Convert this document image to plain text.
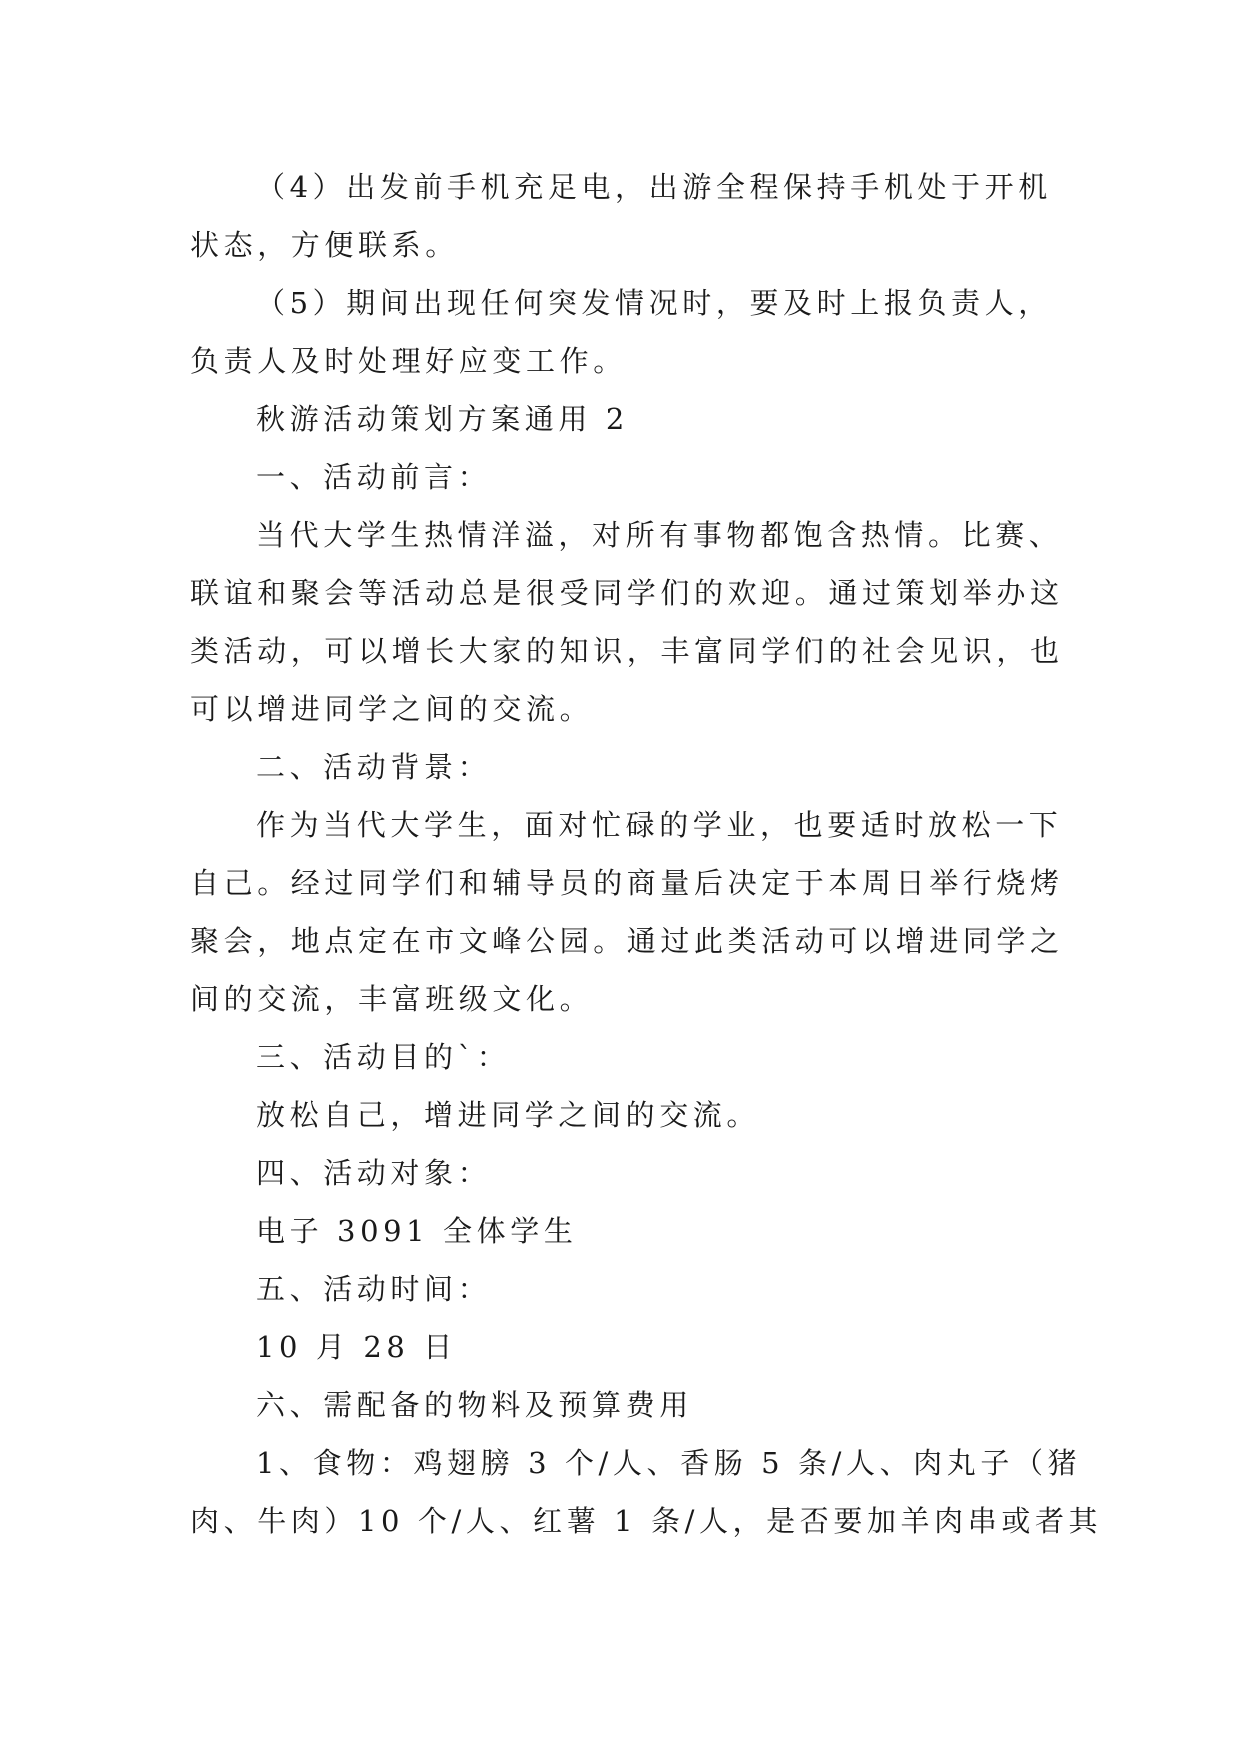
（4）出发前手机充足电，出游全程保持手机处于开机
状态，方便联系。
（5）期间出现任何突发情况时，要及时上报负责人，
负责人及时处理好应变工作。
秋游活动策划方案通用 2
一、活动前言：
当代大学生热情洋溢，对所有事物都饱含热情。比赛、
联谊和聚会等活动总是很受同学们的欢迎。通过策划举办这
类活动，可以增长大家的知识，丰富同学们的社会见识，也
可以增进同学之间的交流。
二、活动背景：
作为当代大学生，面对忙碌的学业，也要适时放松一下
自己。经过同学们和辅导员的商量后决定于本周日举行烧烤
聚会，地点定在市文峰公园。通过此类活动可以增进同学之
间的交流，丰富班级文化。
三、活动目的`：
放松自己，增进同学之间的交流。
四、活动对象：
电子 3091 全体学生
五、活动时间：
10 月 28 日
六、需配备的物料及预算费用
1、食物：鸡翅膀 3 个/人、香肠 5 条/人、肉丸子（猪
肉、牛肉）10 个/人、红薯 1 条/人，是否要加羊肉串或者其
